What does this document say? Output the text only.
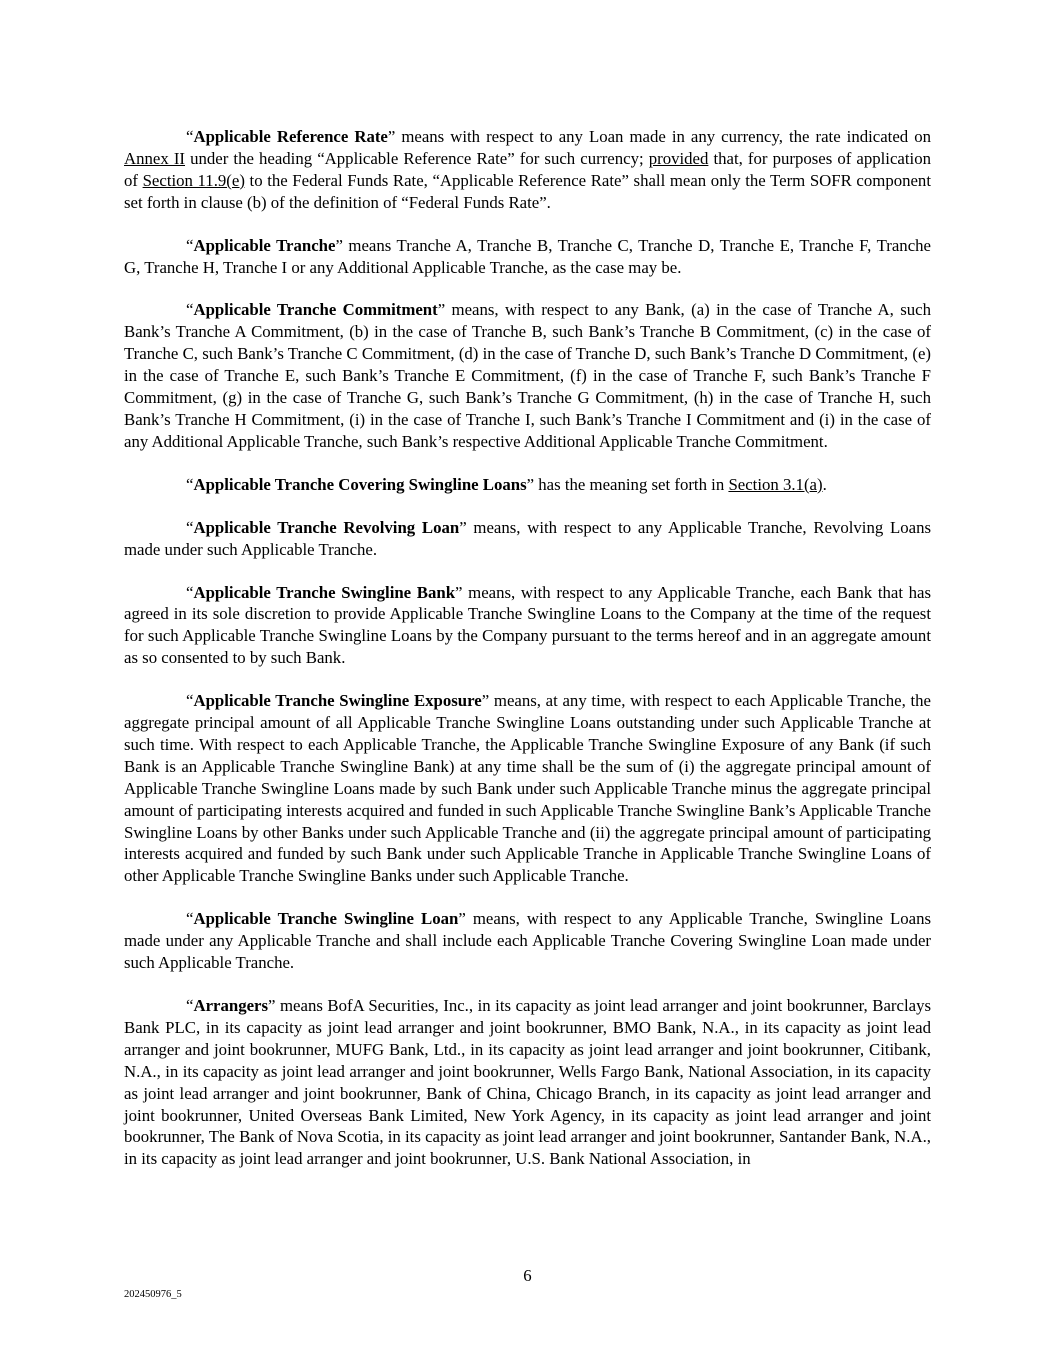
“Applicable Reference Rate” means with respect to any Loan made in any currency, the rate indicated on Annex II under the heading “Applicable Reference Rate” for such currency; provided that, for purposes of application of Section 11.9(e) to the Federal Funds Rate, “Applicable Reference Rate” shall mean only the Term SOFR component set forth in clause (b) of the definition of “Federal Funds Rate”.

“Applicable Tranche” means Tranche A, Tranche B, Tranche C, Tranche D, Tranche E, Tranche F, Tranche G, Tranche H, Tranche I or any Additional Applicable Tranche, as the case may be.

“Applicable Tranche Commitment” means, with respect to any Bank, (a) in the case of Tranche A, such Bank’s Tranche A Commitment, (b) in the case of Tranche B, such Bank’s Tranche B Commitment, (c) in the case of Tranche C, such Bank’s Tranche C Commitment, (d) in the case of Tranche D, such Bank’s Tranche D Commitment, (e) in the case of Tranche E, such Bank’s Tranche E Commitment, (f) in the case of Tranche F, such Bank’s Tranche F Commitment, (g) in the case of Tranche G, such Bank’s Tranche G Commitment, (h) in the case of Tranche H, such Bank’s Tranche H Commitment, (i) in the case of Tranche I, such Bank’s Tranche I Commitment and (i) in the case of any Additional Applicable Tranche, such Bank’s respective Additional Applicable Tranche Commitment.

“Applicable Tranche Covering Swingline Loans” has the meaning set forth in Section 3.1(a).

“Applicable Tranche Revolving Loan” means, with respect to any Applicable Tranche, Revolving Loans made under such Applicable Tranche.

“Applicable Tranche Swingline Bank” means, with respect to any Applicable Tranche, each Bank that has agreed in its sole discretion to provide Applicable Tranche Swingline Loans to the Company at the time of the request for such Applicable Tranche Swingline Loans by the Company pursuant to the terms hereof and in an aggregate amount as so consented to by such Bank.

“Applicable Tranche Swingline Exposure” means, at any time, with respect to each Applicable Tranche, the aggregate principal amount of all Applicable Tranche Swingline Loans outstanding under such Applicable Tranche at such time. With respect to each Applicable Tranche, the Applicable Tranche Swingline Exposure of any Bank (if such Bank is an Applicable Tranche Swingline Bank) at any time shall be the sum of (i) the aggregate principal amount of Applicable Tranche Swingline Loans made by such Bank under such Applicable Tranche minus the aggregate principal amount of participating interests acquired and funded in such Applicable Tranche Swingline Bank’s Applicable Tranche Swingline Loans by other Banks under such Applicable Tranche and (ii) the aggregate principal amount of participating interests acquired and funded by such Bank under such Applicable Tranche in Applicable Tranche Swingline Loans of other Applicable Tranche Swingline Banks under such Applicable Tranche.

“Applicable Tranche Swingline Loan” means, with respect to any Applicable Tranche, Swingline Loans made under any Applicable Tranche and shall include each Applicable Tranche Covering Swingline Loan made under such Applicable Tranche.

“Arrangers” means BofA Securities, Inc., in its capacity as joint lead arranger and joint bookrunner, Barclays Bank PLC, in its capacity as joint lead arranger and joint bookrunner, BMO Bank, N.A., in its capacity as joint lead arranger and joint bookrunner, MUFG Bank, Ltd., in its capacity as joint lead arranger and joint bookrunner, Citibank, N.A., in its capacity as joint lead arranger and joint bookrunner, Wells Fargo Bank, National Association, in its capacity as joint lead arranger and joint bookrunner, Bank of China, Chicago Branch, in its capacity as joint lead arranger and joint bookrunner, United Overseas Bank Limited, New York Agency, in its capacity as joint lead arranger and joint bookrunner, The Bank of Nova Scotia, in its capacity as joint lead arranger and joint bookrunner, Santander Bank, N.A., in its capacity as joint lead arranger and joint bookrunner, U.S. Bank National Association, in

6
202450976_5
